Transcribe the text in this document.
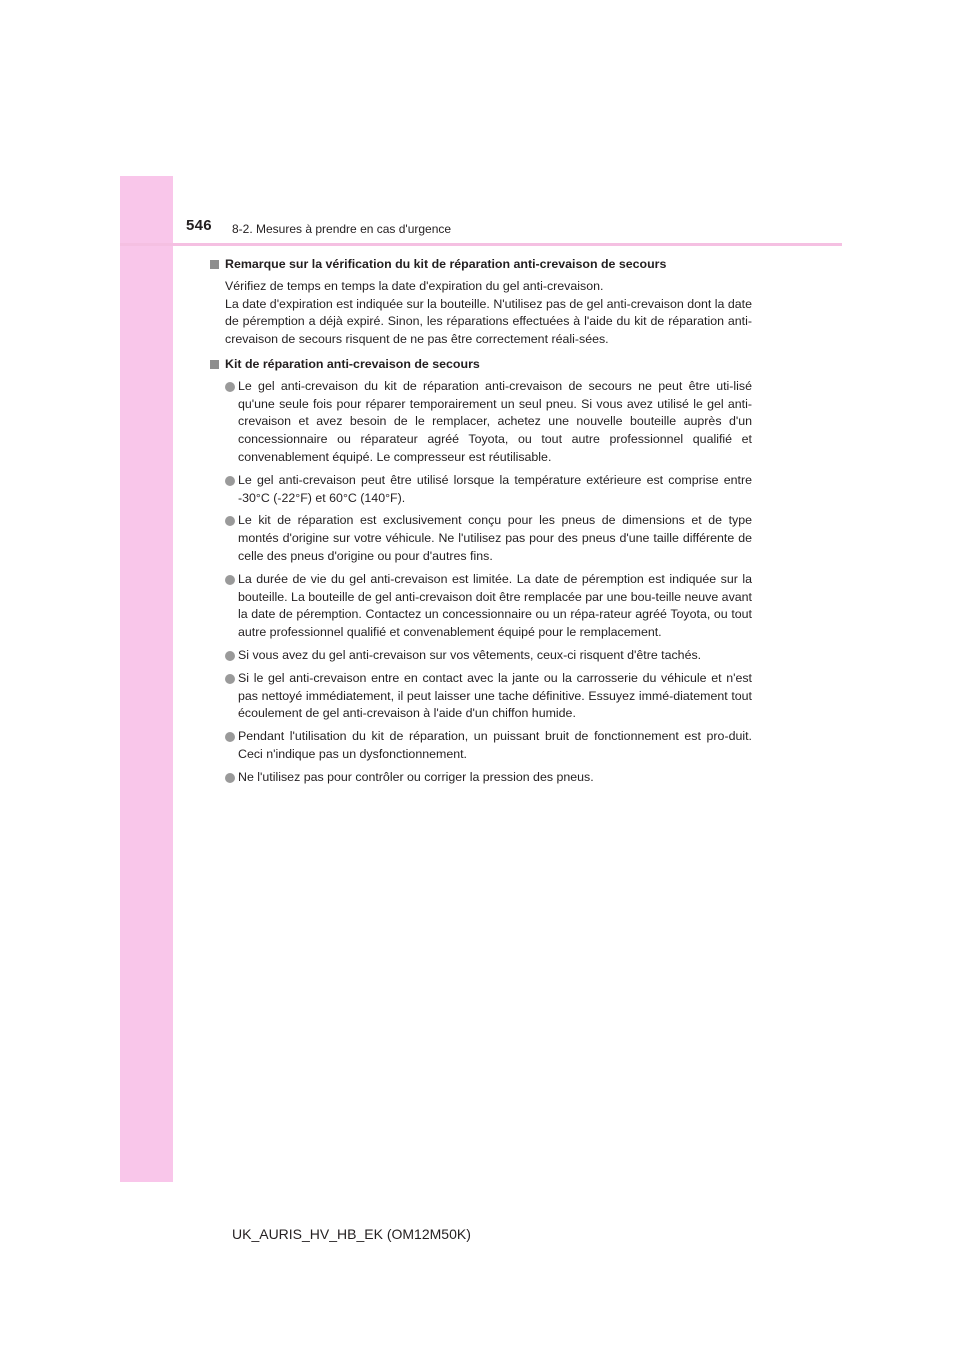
546 8-2. Mesures à prendre en cas d'urgence
Remarque sur la vérification du kit de réparation anti-crevaison de secours
Vérifiez de temps en temps la date d'expiration du gel anti-crevaison.
La date d'expiration est indiquée sur la bouteille. N'utilisez pas de gel anti-crevaison dont la date de péremption a déjà expiré. Sinon, les réparations effectuées à l'aide du kit de réparation anti-crevaison de secours risquent de ne pas être correctement réali-sées.
Kit de réparation anti-crevaison de secours
Le gel anti-crevaison du kit de réparation anti-crevaison de secours ne peut être uti-lisé qu'une seule fois pour réparer temporairement un seul pneu. Si vous avez utilisé le gel anti-crevaison et avez besoin de le remplacer, achetez une nouvelle bouteille auprès d'un concessionnaire ou réparateur agréé Toyota, ou tout autre professionnel qualifié et convenablement équipé. Le compresseur est réutilisable.
Le gel anti-crevaison peut être utilisé lorsque la température extérieure est comprise entre -30°C (-22°F) et 60°C (140°F).
Le kit de réparation est exclusivement conçu pour les pneus de dimensions et de type montés d'origine sur votre véhicule. Ne l'utilisez pas pour des pneus d'une taille différente de celle des pneus d'origine ou pour d'autres fins.
La durée de vie du gel anti-crevaison est limitée. La date de péremption est indiquée sur la bouteille. La bouteille de gel anti-crevaison doit être remplacée par une bou-teille neuve avant la date de péremption. Contactez un concessionnaire ou un répa-rateur agréé Toyota, ou tout autre professionnel qualifié et convenablement équipé pour le remplacement.
Si vous avez du gel anti-crevaison sur vos vêtements, ceux-ci risquent d'être tachés.
Si le gel anti-crevaison entre en contact avec la jante ou la carrosserie du véhicule et n'est pas nettoyé immédiatement, il peut laisser une tache définitive. Essuyez immé-diatement tout écoulement de gel anti-crevaison à l'aide d'un chiffon humide.
Pendant l'utilisation du kit de réparation, un puissant bruit de fonctionnement est pro-duit. Ceci n'indique pas un dysfonctionnement.
Ne l'utilisez pas pour contrôler ou corriger la pression des pneus.
UK_AURIS_HV_HB_EK (OM12M50K)
